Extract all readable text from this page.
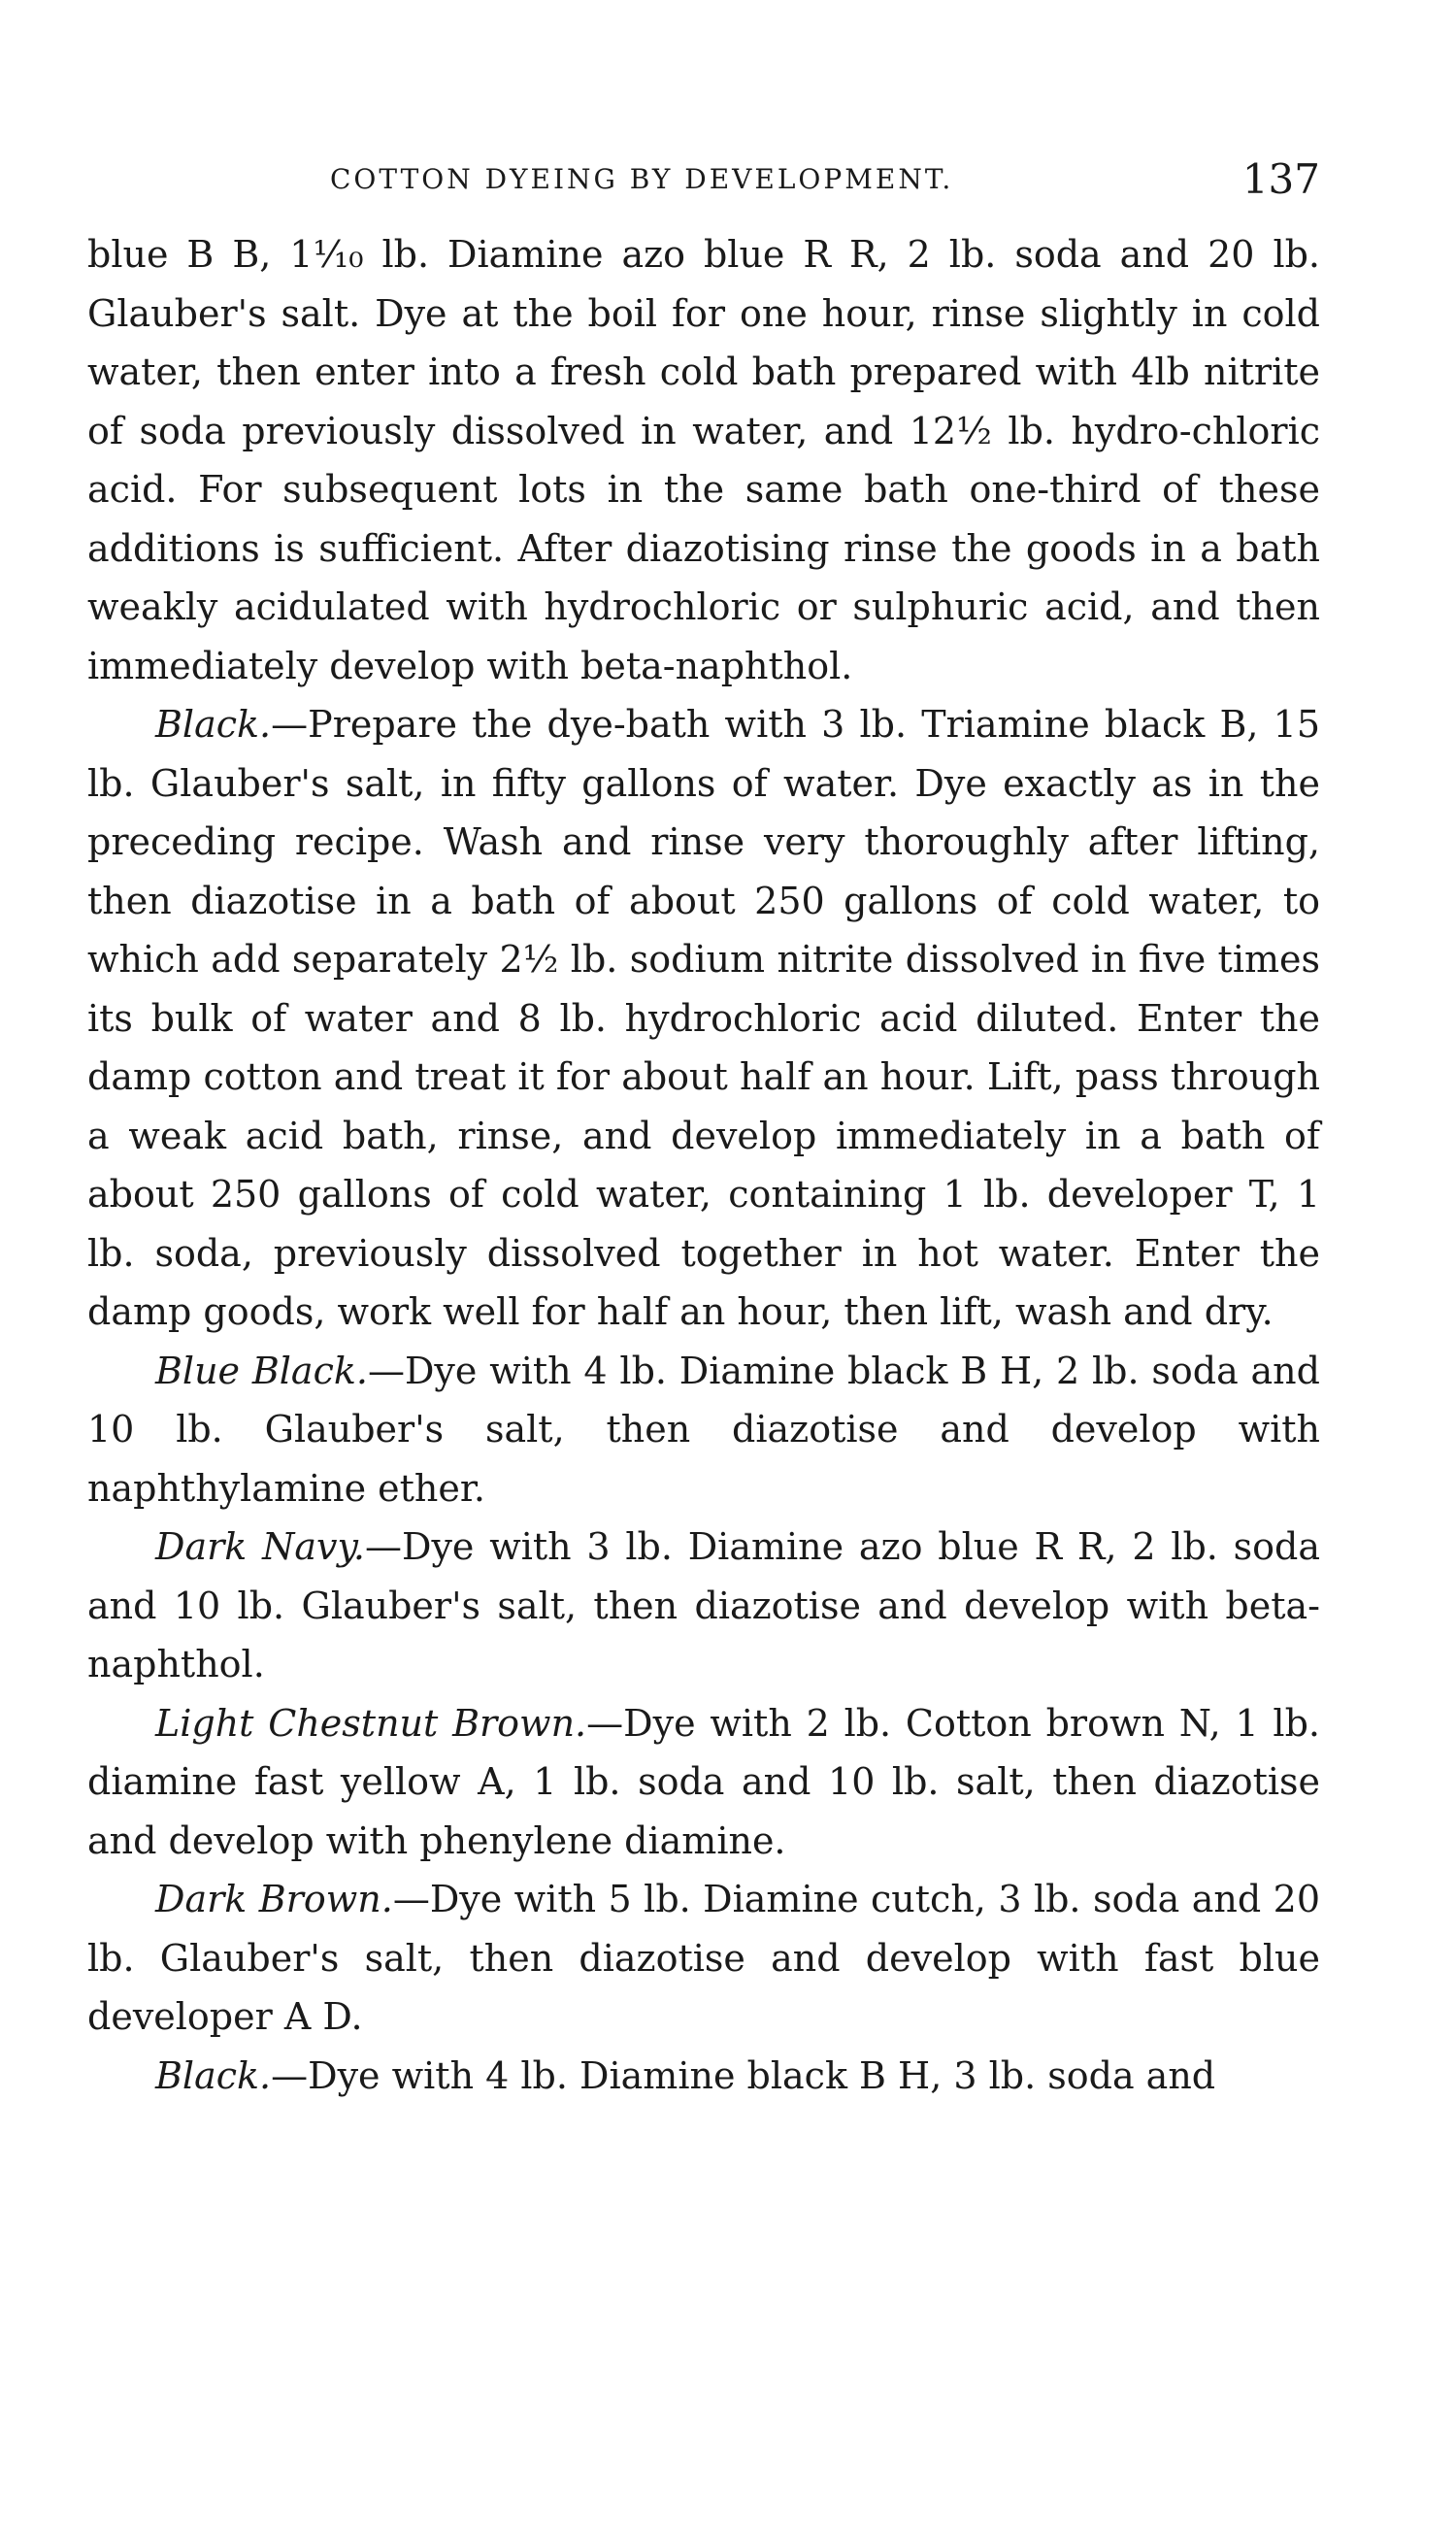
COTTON DYEING BY DEVELOPMENT.	137

blue B B, 1¹⁄₁₀ lb. Diamine azo blue R R, 2 lb. soda and 20 lb. Glauber's salt. Dye at the boil for one hour, rinse slightly in cold water, then enter into a fresh cold bath prepared with 4lb nitrite of soda previously dissolved in water, and 12½ lb. hydro-chloric acid. For subsequent lots in the same bath one-third of these additions is sufficient. After diazotising rinse the goods in a bath weakly acidulated with hydrochloric or sulphuric acid, and then immediately develop with beta-naphthol.

Black.—Prepare the dye-bath with 3 lb. Triamine black B, 15 lb. Glauber's salt, in fifty gallons of water. Dye exactly as in the preceding recipe. Wash and rinse very thoroughly after lifting, then diazotise in a bath of about 250 gallons of cold water, to which add separately 2½ lb. sodium nitrite dissolved in five times its bulk of water and 8 lb. hydrochloric acid diluted. Enter the damp cotton and treat it for about half an hour. Lift, pass through a weak acid bath, rinse, and develop immediately in a bath of about 250 gallons of cold water, containing 1 lb. developer T, 1 lb. soda, previously dissolved together in hot water. Enter the damp goods, work well for half an hour, then lift, wash and dry.

Blue Black.—Dye with 4 lb. Diamine black B H, 2 lb. soda and 10 lb. Glauber's salt, then diazotise and develop with naphthylamine ether.

Dark Navy.—Dye with 3 lb. Diamine azo blue R R, 2 lb. soda and 10 lb. Glauber's salt, then diazotise and develop with beta-naphthol.

Light Chestnut Brown.—Dye with 2 lb. Cotton brown N, 1 lb. diamine fast yellow A, 1 lb. soda and 10 lb. salt, then diazotise and develop with phenylene diamine.

Dark Brown.—Dye with 5 lb. Diamine cutch, 3 lb. soda and 20 lb. Glauber's salt, then diazotise and develop with fast blue developer A D.

Black.—Dye with 4 lb. Diamine black B H, 3 lb. soda and
